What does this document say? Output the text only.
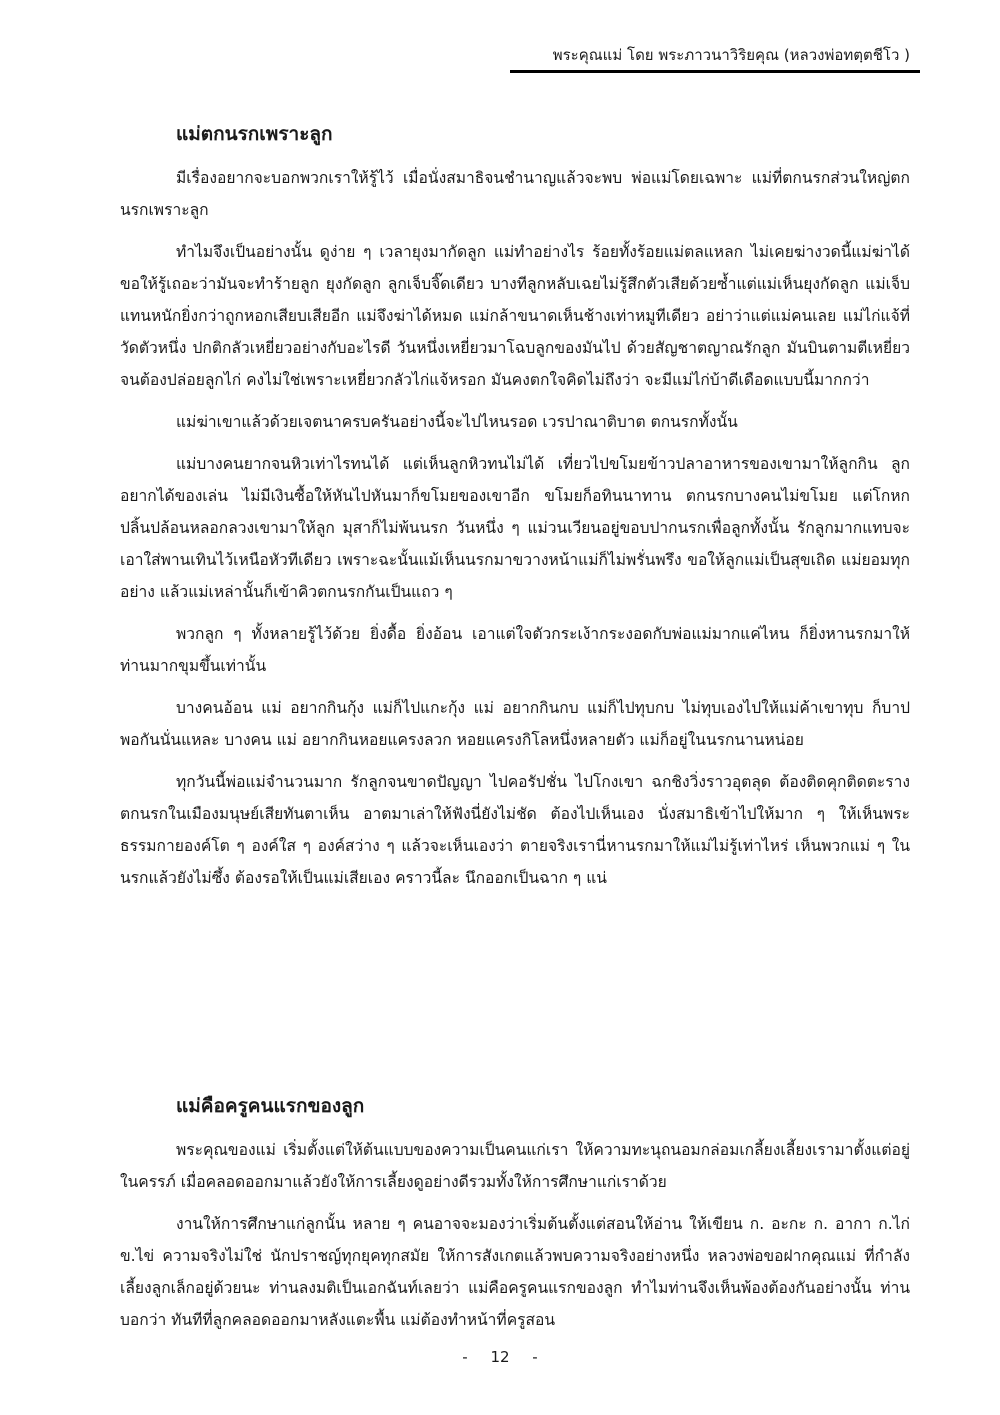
พระคุณแม่ โดย พระภาวนาวิริยคุณ (หลวงพ่อทตฺตชีโว )
แม่ตกนรกเพราะลูก

มีเรื่องอยากจะบอกพวกเราให้รู้ไว้ เมื่อนั่งสมาธิจนชำนาญแล้วจะพบ พ่อแม่โดยเฉพาะ แม่ที่ตกนรกส่วนใหญ่ตกนรกเพราะลูก

ทำไมจึงเป็นอย่างนั้น ดูง่าย ๆ เวลายุงมากัดลูก แม่ทำอย่างไร ร้อยทั้งร้อยแม่ตลแหลก ไม่เคยฆ่างวดนี้แม่ฆ่าได้ ขอให้รู้เถอะว่ามันจะทำร้ายลูก ยุงกัดลูก ลูกเจ็บจิ๊ดเดียว บางทีลูกหลับเฉยไม่รู้สึกตัวเสียด้วยซ้ำแต่แม่เห็นยุงกัดลูก แม่เจ็บแทนหนักยิ่งกว่าถูกหอกเสียบเสียอีก แม่จึงฆ่าได้หมด แม่กล้าขนาดเห็นช้างเท่าหมูทีเดียว อย่าว่าแต่แม่คนเลย แม่ไก่แจ้ที่วัดตัวหนึ่ง ปกติกลัวเหยี่ยวอย่างกับอะไรดี วันหนึ่งเหยี่ยวมาโฉบลูกของมันไป ด้วยสัญชาตญาณรักลูก มันบินตามตีเหยี่ยวจนต้องปล่อยลูกไก่ คงไม่ใช่เพราะเหยี่ยวกลัวไก่แจ้หรอก มันคงตกใจคิดไม่ถึงว่า จะมีแม่ไก่บ้าดีเดือดแบบนี้มากกว่า

แม่ฆ่าเขาแล้วด้วยเจตนาครบครันอย่างนี้จะไปไหนรอด เวรปาณาติบาต ตกนรกทั้งนั้น

แม่บางคนยากจนหิวเท่าไรทนได้ แต่เห็นลูกหิวทนไม่ได้ เที่ยวไปขโมยข้าวปลาอาหารของเขามาให้ลูกกิน ลูกอยากได้ของเล่น ไม่มีเงินซื้อให้หันไปหันมาก็ขโมยของเขาอีก ขโมยก็อทินนาทาน ตกนรกบางคนไม่ขโมย แต่โกหกปลิ้นปล้อนหลอกลวงเขามาให้ลูก มุสาก็ไม่พ้นนรก วันหนึ่ง ๆ แม่วนเวียนอยู่ขอบปากนรกเพื่อลูกทั้งนั้น รักลูกมากแทบจะเอาใส่พานเทินไว้เหนือหัวทีเดียว เพราะฉะนั้นแม้เห็นนรกมาขวางหน้าแม่ก็ไม่พรั่นพรึง ขอให้ลูกแม่เป็นสุขเถิด แม่ยอมทุกอย่าง แล้วแม่เหล่านั้นก็เข้าคิวตกนรกกันเป็นแถว ๆ

พวกลูก ๆ ทั้งหลายรู้ไว้ด้วย ยิ่งดื้อ ยิ่งอ้อน เอาแต่ใจตัวกระเง้ากระงอดกับพ่อแม่มากแค่ไหน ก็ยิ่งหานรกมาให้ท่านมากขุมขึ้นเท่านั้น

บางคนอ้อน แม่ อยากกินกุ้ง แม่ก็ไปแกะกุ้ง แม่ อยากกินกบ แม่ก็ไปทุบกบ ไม่ทุบเองไปให้แม่ค้าเขาทุบ ก็บาปพอกันนั่นแหละ บางคน แม่ อยากกินหอยแครงลวก หอยแครงกิโลหนึ่งหลายตัว แม่ก็อยู่ในนรกนานหน่อย

ทุกวันนี้พ่อแม่จำนวนมาก รักลูกจนขาดปัญญา ไปคอรัปชั่น ไปโกงเขา ฉกชิงวิ่งราวอุตลุด ต้องติดคุกติดตะราง ตกนรกในเมืองมนุษย์เสียทันตาเห็น อาตมาเล่าให้ฟังนี่ยังไม่ชัด ต้องไปเห็นเอง นั่งสมาธิเข้าไปให้มาก ๆ ให้เห็นพระธรรมกายองค์โต ๆ องค์ใส ๆ องค์สว่าง ๆ แล้วจะเห็นเองว่า ตายจริงเรานี่หานรกมาให้แม่ไม่รู้เท่าไหร่ เห็นพวกแม่ ๆ ในนรกแล้วยังไม่ซึ้ง ต้องรอให้เป็นแม่เสียเอง คราวนี้ละ นึกออกเป็นฉาก ๆ แน่

แม่คือครูคนแรกของลูก

พระคุณของแม่ เริ่มตั้งแต่ให้ต้นแบบของความเป็นคนแก่เรา ให้ความทะนุถนอมกล่อมเกลี้ยงเลี้ยงเรามาตั้งแต่อยู่ในครรภ์ เมื่อคลอดออกมาแล้วยังให้การเลี้ยงดูอย่างดีรวมทั้งให้การศึกษาแก่เราด้วย

งานให้การศึกษาแก่ลูกนั้น หลาย ๆ คนอาจจะมองว่าเริ่มต้นตั้งแต่สอนให้อ่าน ให้เขียน ก. อะกะ ก. อากา ก.ไก่ ข.ไข่ ความจริงไม่ใช่ นักปราชญ์ทุกยุคทุกสมัย ให้การสังเกตแล้วพบความจริงอย่างหนึ่ง หลวงพ่อขอฝากคุณแม่ ที่กำลังเลี้ยงลูกเล็กอยู่ด้วยนะ ท่านลงมติเป็นเอกฉันท์เลยว่า แม่คือครูคนแรกของลูก ทำไมท่านจึงเห็นพ้องต้องกันอย่างนั้น ท่านบอกว่า ทันทีที่ลูกคลอดออกมาหลังแตะพื้น แม่ต้องทำหน้าที่ครูสอน

- 12 -
